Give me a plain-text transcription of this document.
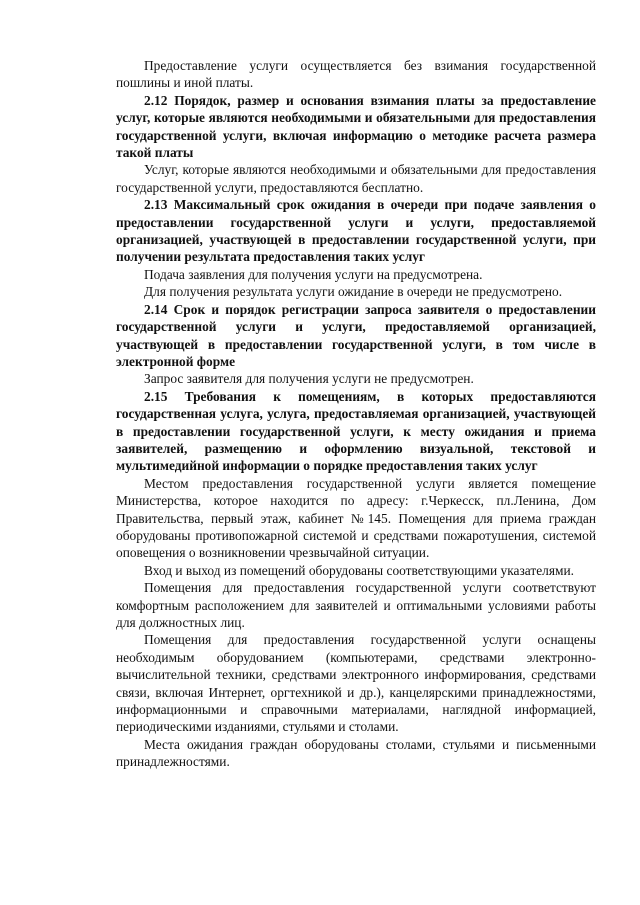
Предоставление услуги осуществляется без взимания государственной пошлины и иной платы.

2.12 Порядок, размер и основания взимания платы за предоставление услуг, которые являются необходимыми и обязательными для предоставления государственной услуги, включая информацию о методике расчета размера такой платы

Услуг, которые являются необходимыми и обязательными для предоставления государственной услуги, предоставляются бесплатно.

2.13 Максимальный срок ожидания в очереди при подаче заявления о предоставлении государственной услуги и услуги, предоставляемой организацией, участвующей в предоставлении государственной услуги, при получении результата предоставления таких услуг

Подача заявления для получения услуги на предусмотрена.

Для получения результата услуги ожидание в очереди не предусмотрено.

2.14 Срок и порядок регистрации запроса заявителя о предоставлении государственной услуги и услуги, предоставляемой организацией, участвующей в предоставлении государственной услуги, в том числе в электронной форме

Запрос заявителя для получения услуги не предусмотрен.

2.15 Требования к помещениям, в которых предоставляются государственная услуга, услуга, предоставляемая организацией, участвующей в предоставлении государственной услуги, к месту ожидания и приема заявителей, размещению и оформлению визуальной, текстовой и мультимедийной информации о порядке предоставления таких услуг

Местом предоставления государственной услуги является помещение Министерства, которое находится по адресу: г.Черкесск, пл.Ленина, Дом Правительства, первый этаж, кабинет №145. Помещения для приема граждан оборудованы противопожарной системой и средствами пожаротушения, системой оповещения о возникновении чрезвычайной ситуации.

Вход и выход из помещений оборудованы соответствующими указателями.

Помещения для предоставления государственной услуги соответствуют комфортным расположением для заявителей и оптимальными условиями работы для должностных лиц.

Помещения для предоставления государственной услуги оснащены необходимым оборудованием (компьютерами, средствами электронно-вычислительной техники, средствами электронного информирования, средствами связи, включая Интернет, оргтехникой и др.), канцелярскими принадлежностями, информационными и справочными материалами, наглядной информацией, периодическими изданиями, стульями и столами.

Места ожидания граждан оборудованы столами, стульями и письменными принадлежностями.
